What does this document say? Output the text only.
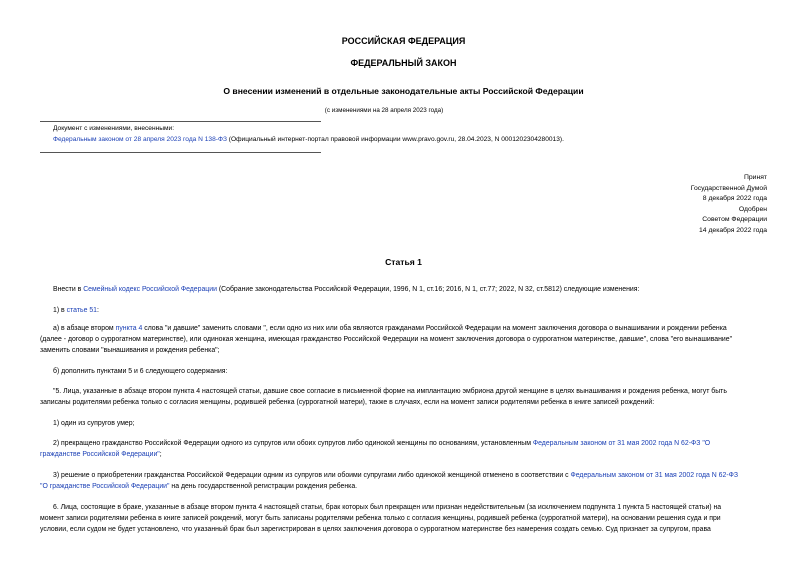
РОССИЙСКАЯ ФЕДЕРАЦИЯ
ФЕДЕРАЛЬНЫЙ ЗАКОН
О внесении изменений в отдельные законодательные акты Российской Федерации
(с изменениями на 28 апреля 2023 года)
Документ с изменениями, внесенными:
Федеральным законом от 28 апреля 2023 года N 138-ФЗ (Официальный интернет-портал правовой информации www.pravo.gov.ru, 28.04.2023, N 0001202304280013).
Принят
Государственной Думой
8 декабря 2022 года
Одобрен
Советом Федерации
14 декабря 2022 года
Статья 1
Внести в Семейный кодекс Российской Федерации (Собрание законодательства Российской Федерации, 1996, N 1, ст.16; 2016, N 1, ст.77; 2022, N 32, ст.5812) следующие изменения:
1) в статье 51:
а) в абзаце втором пункта 4 слова "и давшие" заменить словами ", если одно из них или оба являются гражданами Российской Федерации на момент заключения договора о вынашивании и рождении ребенка
(далее - договор о суррогатном материнстве), или одинокая женщина, имеющая гражданство Российской Федерации на момент заключения договора о суррогатном материнстве, давшие", слова "его вынашивание"
заменить словами "вынашивания и рождения ребенка";
б) дополнить пунктами 5 и 6 следующего содержания:
"5. Лица, указанные в абзаце втором пункта 4 настоящей статьи, давшие свое согласие в письменной форме на имплантацию эмбриона другой женщине в целях вынашивания и рождения ребенка, могут быть
записаны родителями ребенка только с согласия женщины, родившей ребенка (суррогатной матери), также в случаях, если на момент записи родителями ребенка в книге записей рождений:
1) один из супругов умер;
2) прекращено гражданство Российской Федерации одного из супругов или обоих супругов либо одинокой женщины по основаниям, установленным Федеральным законом от 31 мая 2002 года N 62-ФЗ "О
гражданстве Российской Федерации";
3) решение о приобретении гражданства Российской Федерации одним из супругов или обоими супругами либо одинокой женщиной отменено в соответствии с Федеральным законом от 31 мая 2002 года N 62-ФЗ
"О гражданстве Российской Федерации" на день государственной регистрации рождения ребенка.
6. Лица, состоящие в браке, указанные в абзаце втором пункта 4 настоящей статьи, брак которых был прекращен или признан недействительным (за исключением подпункта 1 пункта 5 настоящей статьи) на
момент записи родителями ребенка в книге записей рождений, могут быть записаны родителями ребенка только с согласия женщины, родившей ребенка (суррогатной матери), на основании решения суда и при
условии, если судом не будет установлено, что указанный брак был зарегистрирован в целях заключения договора о суррогатном материнстве без намерения создать семью. Суд признает за супругом, права
